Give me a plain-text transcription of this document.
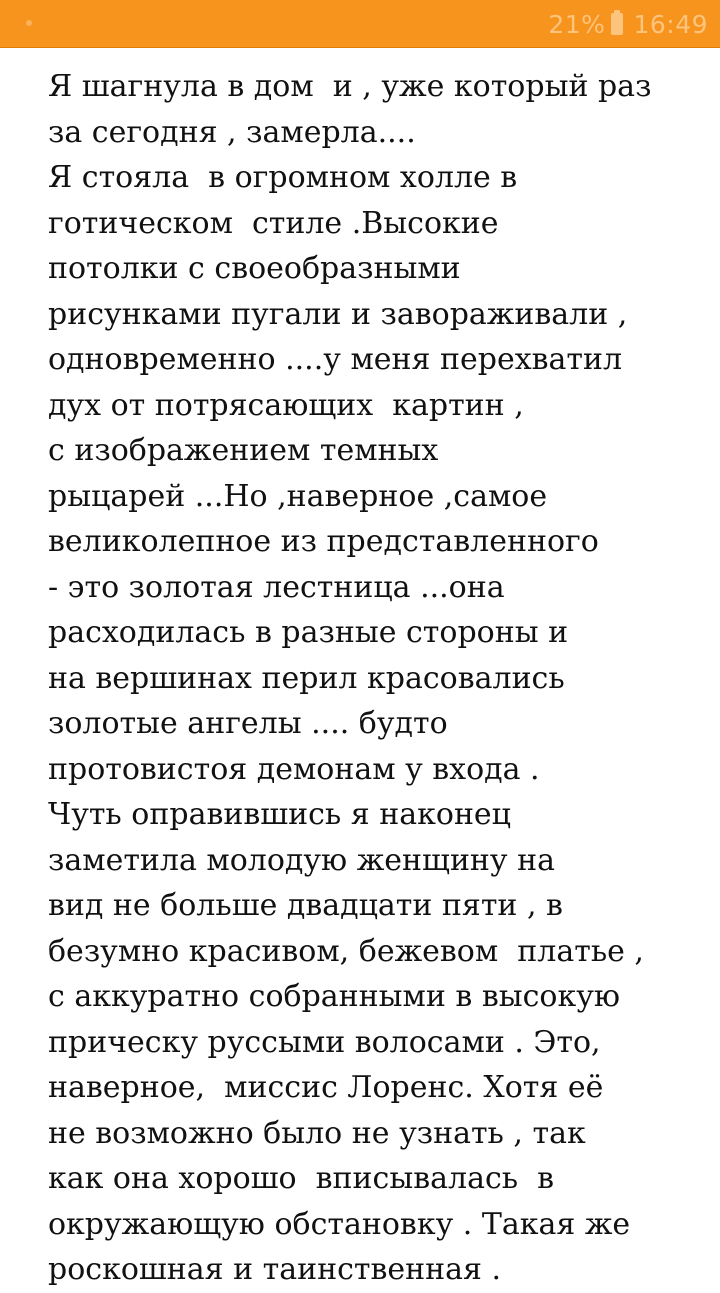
21% 16:49
Я шагнула в дом  и , уже который раз
за сегодня , замерла....
Я стояла  в огромном холле в
готическом  стиле .Высокие
потолки с своеобразными
рисунками пугали и завораживали ,
одновременно ....у меня перехватил
дух от потрясающих  картин ,
с изображением темных
рыцарей ...Но ,наверное ,самое
великолепное из представленного
- это золотая лестница ...она
расходилась в разные стороны и
на вершинах перил красовались
золотые ангелы .... будто
протовистоя демонам у входа .
Чуть оправившись я наконец
заметила молодую женщину на
вид не больше двадцати пяти , в
безумно красивом, бежевом  платье ,
с аккуратно собранными в высокую
прическу руссыми волосами . Это,
наверное,  миссис Лоренс. Хотя её
не возможно было не узнать , так
как она хорошо  вписывалась  в
окружающую обстановку . Такая же
роскошная и таинственная .
